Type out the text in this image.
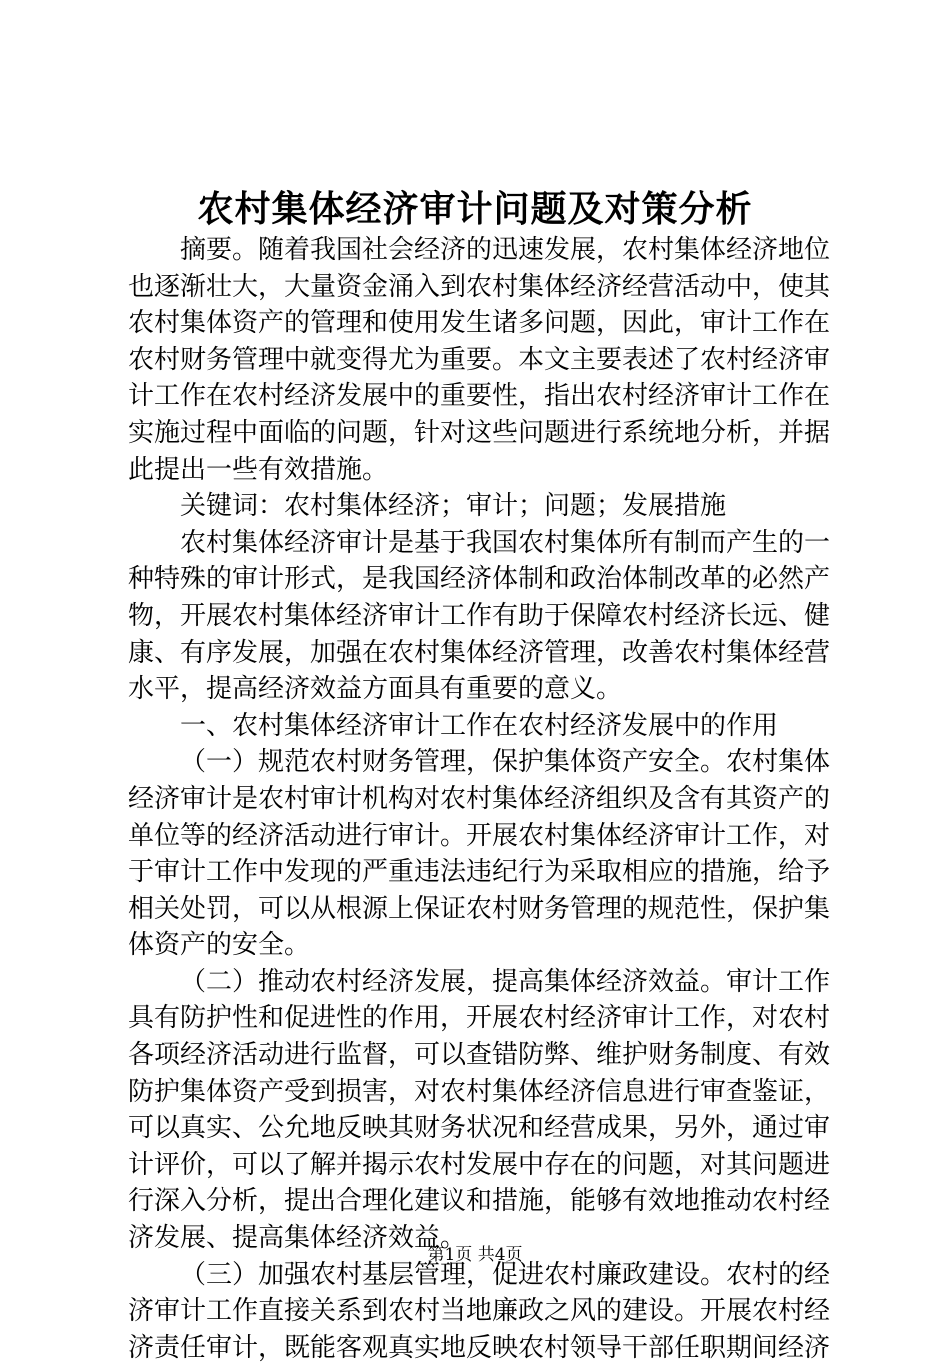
农村集体经济审计问题及对策分析

摘要。随着我国社会经济的迅速发展，农村集体经济地位也逐渐壮大，大量资金涌入到农村集体经济经营活动中，使其农村集体资产的管理和使用发生诸多问题，因此，审计工作在农村财务管理中就变得尤为重要。本文主要表述了农村经济审计工作在农村经济发展中的重要性，指出农村经济审计工作在实施过程中面临的问题，针对这些问题进行系统地分析，并据此提出一些有效措施。

关键词：农村集体经济；审计；问题；发展措施

农村集体经济审计是基于我国农村集体所有制而产生的一种特殊的审计形式，是我国经济体制和政治体制改革的必然产物，开展农村集体经济审计工作有助于保障农村经济长远、健康、有序发展，加强在农村集体经济管理，改善农村集体经营水平，提高经济效益方面具有重要的意义。

一、农村集体经济审计工作在农村经济发展中的作用

（一）规范农村财务管理，保护集体资产安全。农村集体经济审计是农村审计机构对农村集体经济组织及含有其资产的单位等的经济活动进行审计。开展农村集体经济审计工作，对于审计工作中发现的严重违法违纪行为采取相应的措施，给予相关处罚，可以从根源上保证农村财务管理的规范性，保护集体资产的安全。

（二）推动农村经济发展，提高集体经济效益。审计工作具有防护性和促进性的作用，开展农村经济审计工作，对农村各项经济活动进行监督，可以查错防弊、维护财务制度、有效防护集体资产受到损害，对农村集体经济信息进行审查鉴证，可以真实、公允地反映其财务状况和经营成果，另外，通过审计评价，可以了解并揭示农村发展中存在的问题，对其问题进行深入分析，提出合理化建议和措施，能够有效地推动农村经济发展、提高集体经济效益。

（三）加强农村基层管理，促进农村廉政建设。农村的经济审计工作直接关系到农村当地廉政之风的建设。开展农村经济责任审计，既能客观真实地反映农村领导干部任职期间经济

第1页 共4页
